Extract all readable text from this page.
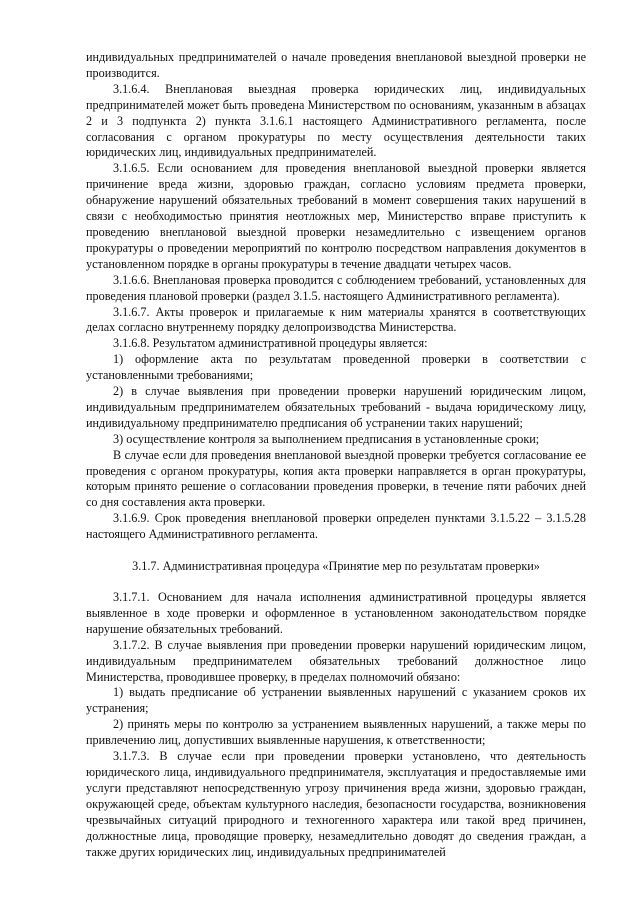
индивидуальных предпринимателей о начале проведения внеплановой выездной проверки не производится.

3.1.6.4. Внеплановая выездная проверка юридических лиц, индивидуальных предпринимателей может быть проведена Министерством по основаниям, указанным в абзацах 2 и 3 подпункта 2) пункта 3.1.6.1 настоящего Административного регламента, после согласования с органом прокуратуры по месту осуществления деятельности таких юридических лиц, индивидуальных предпринимателей.

3.1.6.5. Если основанием для проведения внеплановой выездной проверки является причинение вреда жизни, здоровью граждан, согласно условиям предмета проверки, обнаружение нарушений обязательных требований в момент совершения таких нарушений в связи с необходимостью принятия неотложных мер, Министерство вправе приступить к проведению внеплановой выездной проверки незамедлительно с извещением органов прокуратуры о проведении мероприятий по контролю посредством направления документов в установленном порядке в органы прокуратуры в течение двадцати четырех часов.

3.1.6.6. Внеплановая проверка проводится с соблюдением требований, установленных для проведения плановой проверки (раздел 3.1.5. настоящего Административного регламента).

3.1.6.7. Акты проверок и прилагаемые к ним материалы хранятся в соответствующих делах согласно внутреннему порядку делопроизводства Министерства.

3.1.6.8. Результатом административной процедуры является:

1) оформление акта по результатам проведенной проверки в соответствии с установленными требованиями;

2) в случае выявления при проведении проверки нарушений юридическим лицом, индивидуальным предпринимателем обязательных требований - выдача юридическому лицу, индивидуальному предпринимателю предписания об устранении таких нарушений;

3) осуществление контроля за выполнением предписания в установленные сроки;

В случае если для проведения внеплановой выездной проверки требуется согласование ее проведения с органом прокуратуры, копия акта проверки направляется в орган прокуратуры, которым принято решение о согласовании проведения проверки, в течение пяти рабочих дней со дня составления акта проверки.

3.1.6.9. Срок проведения внеплановой проверки определен пунктами 3.1.5.22 – 3.1.5.28 настоящего Административного регламента.

3.1.7. Административная процедура «Принятие мер по результатам проверки»

3.1.7.1. Основанием для начала исполнения административной процедуры является выявленное в ходе проверки и оформленное в установленном законодательством порядке нарушение обязательных требований.

3.1.7.2. В случае выявления при проведении проверки нарушений юридическим лицом, индивидуальным предпринимателем обязательных требований должностное лицо Министерства, проводившее проверку, в пределах полномочий обязано:

1) выдать предписание об устранении выявленных нарушений с указанием сроков их устранения;

2) принять меры по контролю за устранением выявленных нарушений, а также меры по привлечению лиц, допустивших выявленные нарушения, к ответственности;

3.1.7.3. В случае если при проведении проверки установлено, что деятельность юридического лица, индивидуального предпринимателя, эксплуатация и предоставляемые ими услуги представляют непосредственную угрозу причинения вреда жизни, здоровью граждан, окружающей среде, объектам культурного наследия, безопасности государства, возникновения чрезвычайных ситуаций природного и техногенного характера или такой вред причинен, должностные лица, проводящие проверку, незамедлительно доводят до сведения граждан, а также других юридических лиц, индивидуальных предпринимателей
